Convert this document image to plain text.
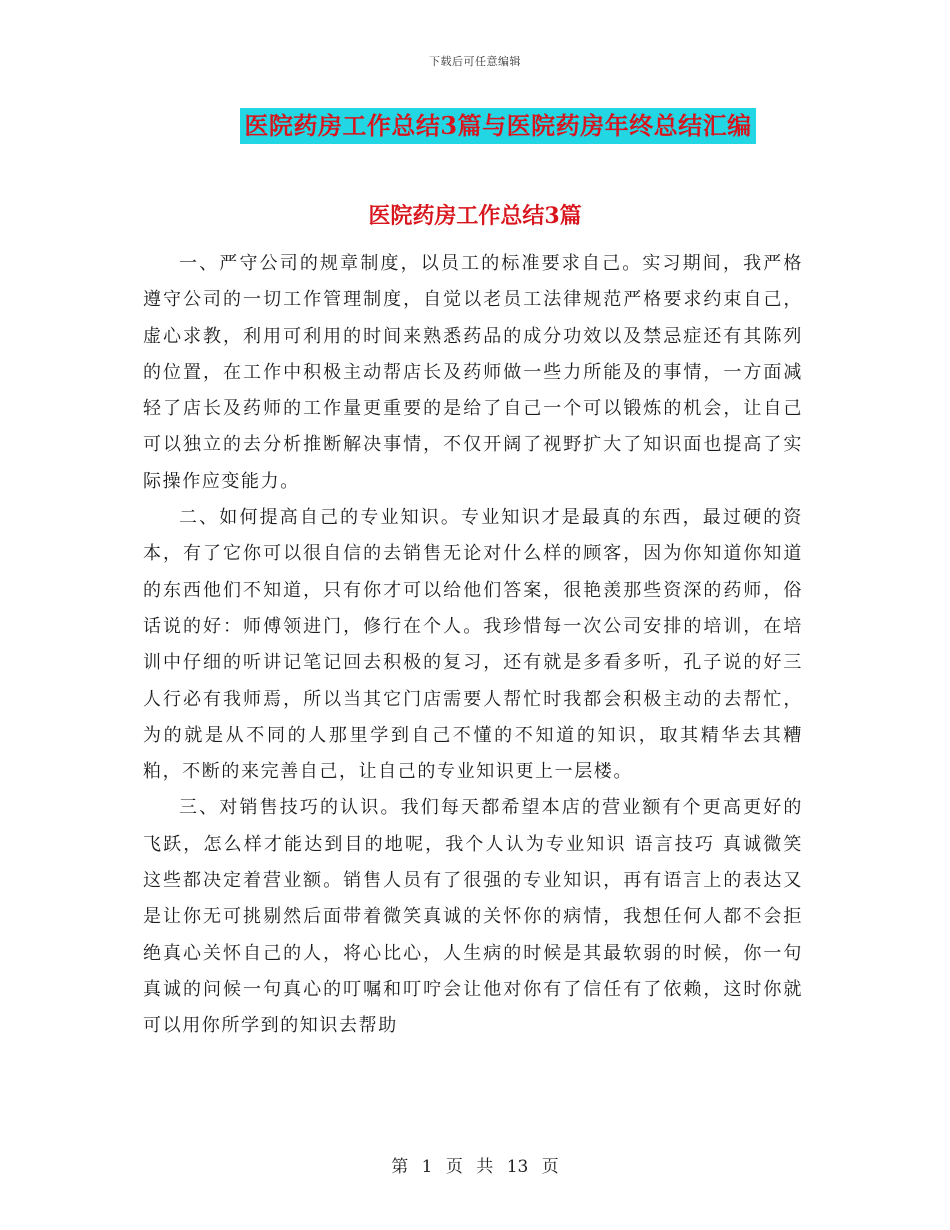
下载后可任意编辑
医院药房工作总结3篇与医院药房年终总结汇编
医院药房工作总结3篇

一、严守公司的规章制度，以员工的标准要求自己。实习期间，我严格遵守公司的一切工作管理制度，自觉以老员工法律规范严格要求约束自己，虚心求教，利用可利用的时间来熟悉药品的成分功效以及禁忌症还有其陈列的位置，在工作中积极主动帮店长及药师做一些力所能及的事情，一方面减轻了店长及药师的工作量更重要的是给了自己一个可以锻炼的机会，让自己可以独立的去分析推断解决事情，不仅开阔了视野扩大了知识面也提高了实际操作应变能力。

二、如何提高自己的专业知识。专业知识才是最真的东西，最过硬的资本，有了它你可以很自信的去销售无论对什么样的顾客，因为你知道你知道的东西他们不知道，只有你才可以给他们答案，很艳羡那些资深的药师，俗话说的好：师傅领进门，修行在个人。我珍惜每一次公司安排的培训，在培训中仔细的听讲记笔记回去积极的复习，还有就是多看多听，孔子说的好三人行必有我师焉，所以当其它门店需要人帮忙时我都会积极主动的去帮忙，为的就是从不同的人那里学到自己不懂的不知道的知识，取其精华去其糟粕，不断的来完善自己，让自己的专业知识更上一层楼。

三、对销售技巧的认识。我们每天都希望本店的营业额有个更高更好的飞跃，怎么样才能达到目的地呢，我个人认为专业知识 语言技巧 真诚微笑这些都决定着营业额。销售人员有了很强的专业知识，再有语言上的表达又是让你无可挑剔然后面带着微笑真诚的关怀你的病情，我想任何人都不会拒绝真心关怀自己的人，将心比心，人生病的时候是其最软弱的时候，你一句真诚的问候一句真心的叮嘱和叮咛会让他对你有了信任有了依赖，这时你就可以用你所学到的知识去帮助

第 1 页 共 13 页
